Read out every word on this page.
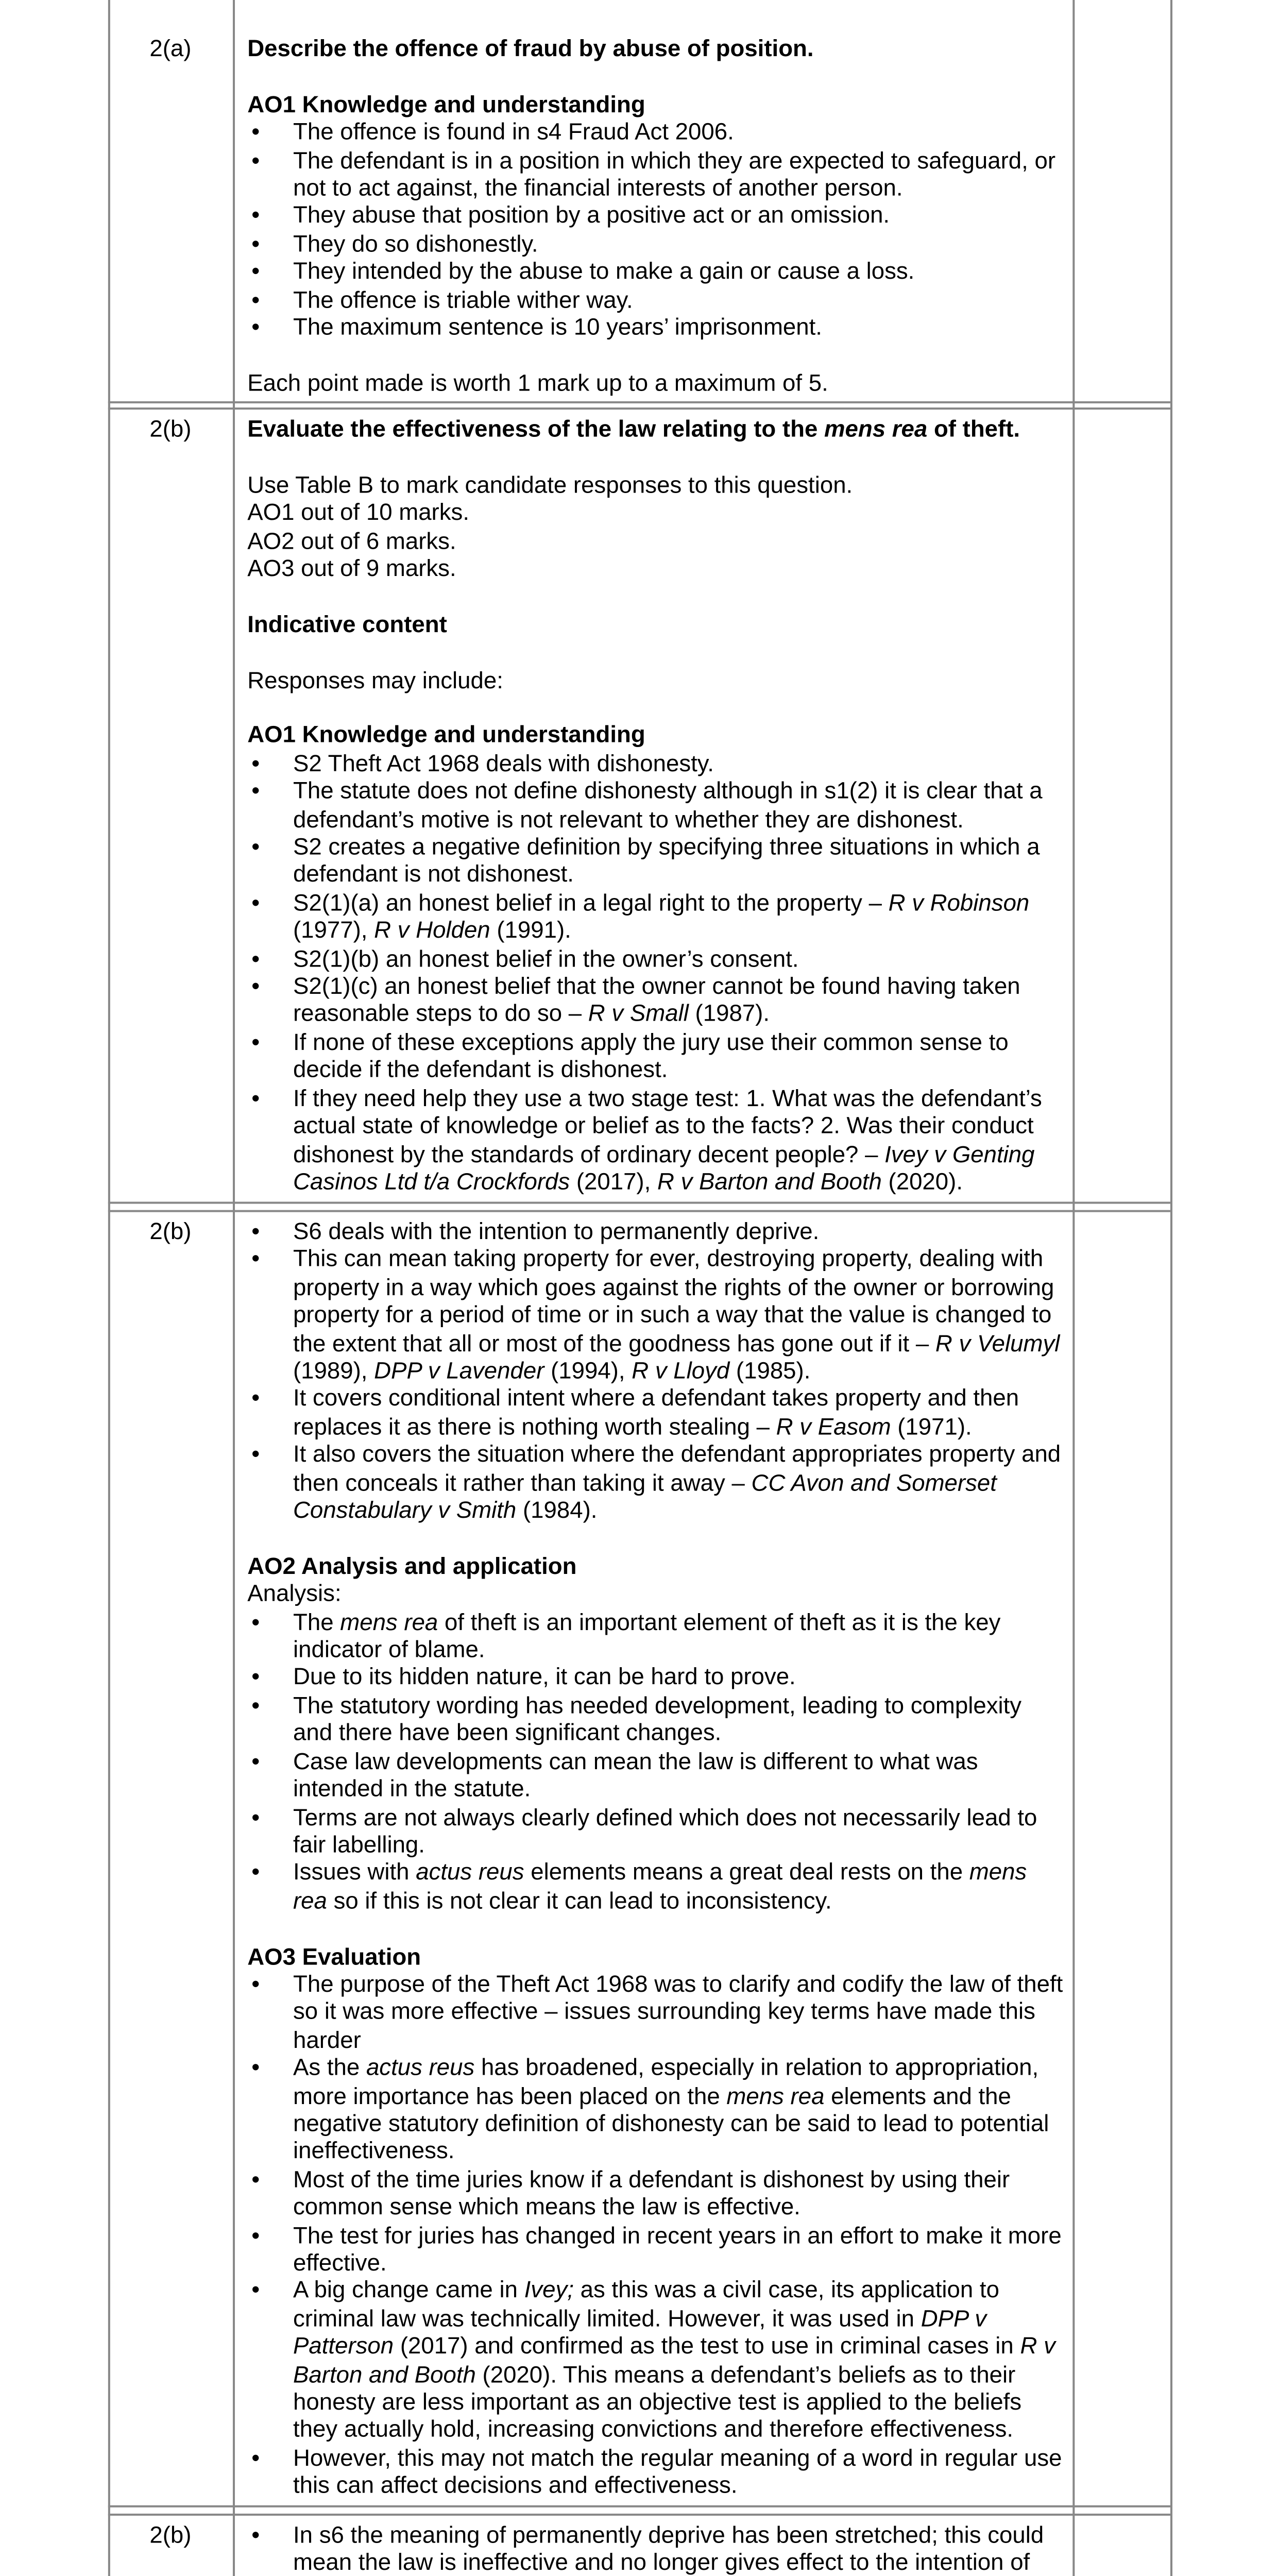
2(a)	Describe the offence of fraud by abuse of position.

AO1 Knowledge and understanding

• The offence is found in s4 Fraud Act 2006.
• The defendant is in a position in which they are expected to safeguard, or not to act against, the financial interests of another person.
• They abuse that position by a positive act or an omission.
• They do so dishonestly.
• They intended by the abuse to make a gain or cause a loss.
• The offence is triable wither way.
• The maximum sentence is 10 years’ imprisonment.

Each point made is worth 1 mark up to a maximum of 5.

2(b)	Evaluate the effectiveness of the law relating to the mens rea of theft.

Use Table B to mark candidate responses to this question.

AO1 out of 10 marks.

AO2 out of 6 marks.

AO3 out of 9 marks.

Indicative content

Responses may include:

AO1 Knowledge and understanding

• S2 Theft Act 1968 deals with dishonesty.
• The statute does not define dishonesty although in s1(2) it is clear that a defendant’s motive is not relevant to whether they are dishonest.
• S2 creates a negative definition by specifying three situations in which a defendant is not dishonest.
• S2(1)(a) an honest belief in a legal right to the property – R v Robinson (1977), R v Holden (1991).
• S2(1)(b) an honest belief in the owner’s consent.
• S2(1)(c) an honest belief that the owner cannot be found having taken reasonable steps to do so – R v Small (1987).
• If none of these exceptions apply the jury use their common sense to decide if the defendant is dishonest.
• If they need help they use a two stage test: 1. What was the defendant’s actual state of knowledge or belief as to the facts? 2. Was their conduct dishonest by the standards of ordinary decent people? – Ivey v Genting Casinos Ltd t/a Crockfords (2017), R v Barton and Booth (2020).
2(b)	• S6 deals with the intention to permanently deprive.
• This can mean taking property for ever, destroying property, dealing with property in a way which goes against the rights of the owner or borrowing property for a period of time or in such a way that the value is changed to the extent that all or most of the goodness has gone out if it – R v Velumyl (1989), DPP v Lavender (1994), R v Lloyd (1985).
• It covers conditional intent where a defendant takes property and then replaces it as there is nothing worth stealing – R v Easom (1971).
• It also covers the situation where the defendant appropriates property and then conceals it rather than taking it away – CC Avon and Somerset Constabulary v Smith (1984).

AO2 Analysis and application

Analysis:

• The mens rea of theft is an important element of theft as it is the key indicator of blame.
• Due to its hidden nature, it can be hard to prove.
• The statutory wording has needed development, leading to complexity and there have been significant changes.
• Case law developments can mean the law is different to what was intended in the statute.
• Terms are not always clearly defined which does not necessarily lead to fair labelling.
• Issues with actus reus elements means a great deal rests on the mens rea so if this is not clear it can lead to inconsistency.

AO3 Evaluation

• The purpose of the Theft Act 1968 was to clarify and codify the law of theft so it was more effective – issues surrounding key terms have made this harder
• As the actus reus has broadened, especially in relation to appropriation, more importance has been placed on the mens rea elements and the negative statutory definition of dishonesty can be said to lead to potential ineffectiveness.
• Most of the time juries know if a defendant is dishonest by using their common sense which means the law is effective.
• The test for juries has changed in recent years in an effort to make it more effective.
• A big change came in Ivey; as this was a civil case, its application to criminal law was technically limited. However, it was used in DPP v Patterson (2017) and confirmed as the test to use in criminal cases in R v Barton and Booth (2020). This means a defendant’s beliefs as to their honesty are less important as an objective test is applied to the beliefs they actually hold, increasing convictions and therefore effectiveness.
• However, this may not match the regular meaning of a word in regular use this can affect decisions and effectiveness.
2(b)	• In s6 the meaning of permanently deprive has been stretched; this could mean the law is ineffective and no longer gives effect to the intention of
